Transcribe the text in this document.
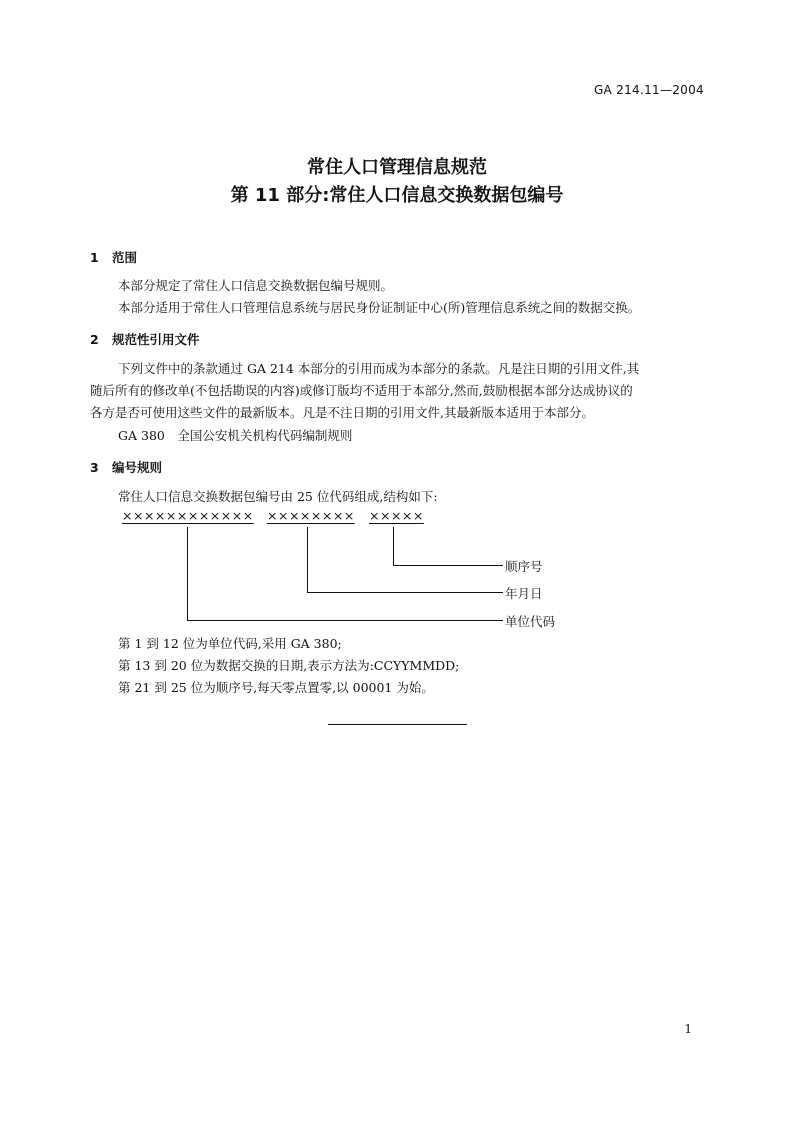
GA 214.11—2004
常住人口管理信息规范
第 11 部分:常住人口信息交换数据包编号
1 范围
本部分规定了常住人口信息交换数据包编号规则。
本部分适用于常住人口管理信息系统与居民身份证制证中心(所)管理信息系统之间的数据交换。
2 规范性引用文件
下列文件中的条款通过 GA 214 本部分的引用而成为本部分的条款。凡是注日期的引用文件,其
随后所有的修改单(不包括勘误的内容)或修订版均不适用于本部分,然而,鼓励根据本部分达成协议的
各方是否可使用这些文件的最新版本。凡是不注日期的引用文件,其最新版本适用于本部分。
GA 380　全国公安机关机构代码编制规则
3 编号规则
常住人口信息交换数据包编号由 25 位代码组成,结构如下:
×××××××××××× ×××××××× ×××××
顺序号
年月日
单位代码
第 1 到 12 位为单位代码,采用 GA 380;
第 13 到 20 位为数据交换的日期,表示方法为:CCYYMMDD;
第 21 到 25 位为顺序号,每天零点置零,以 00001 为始。
1
